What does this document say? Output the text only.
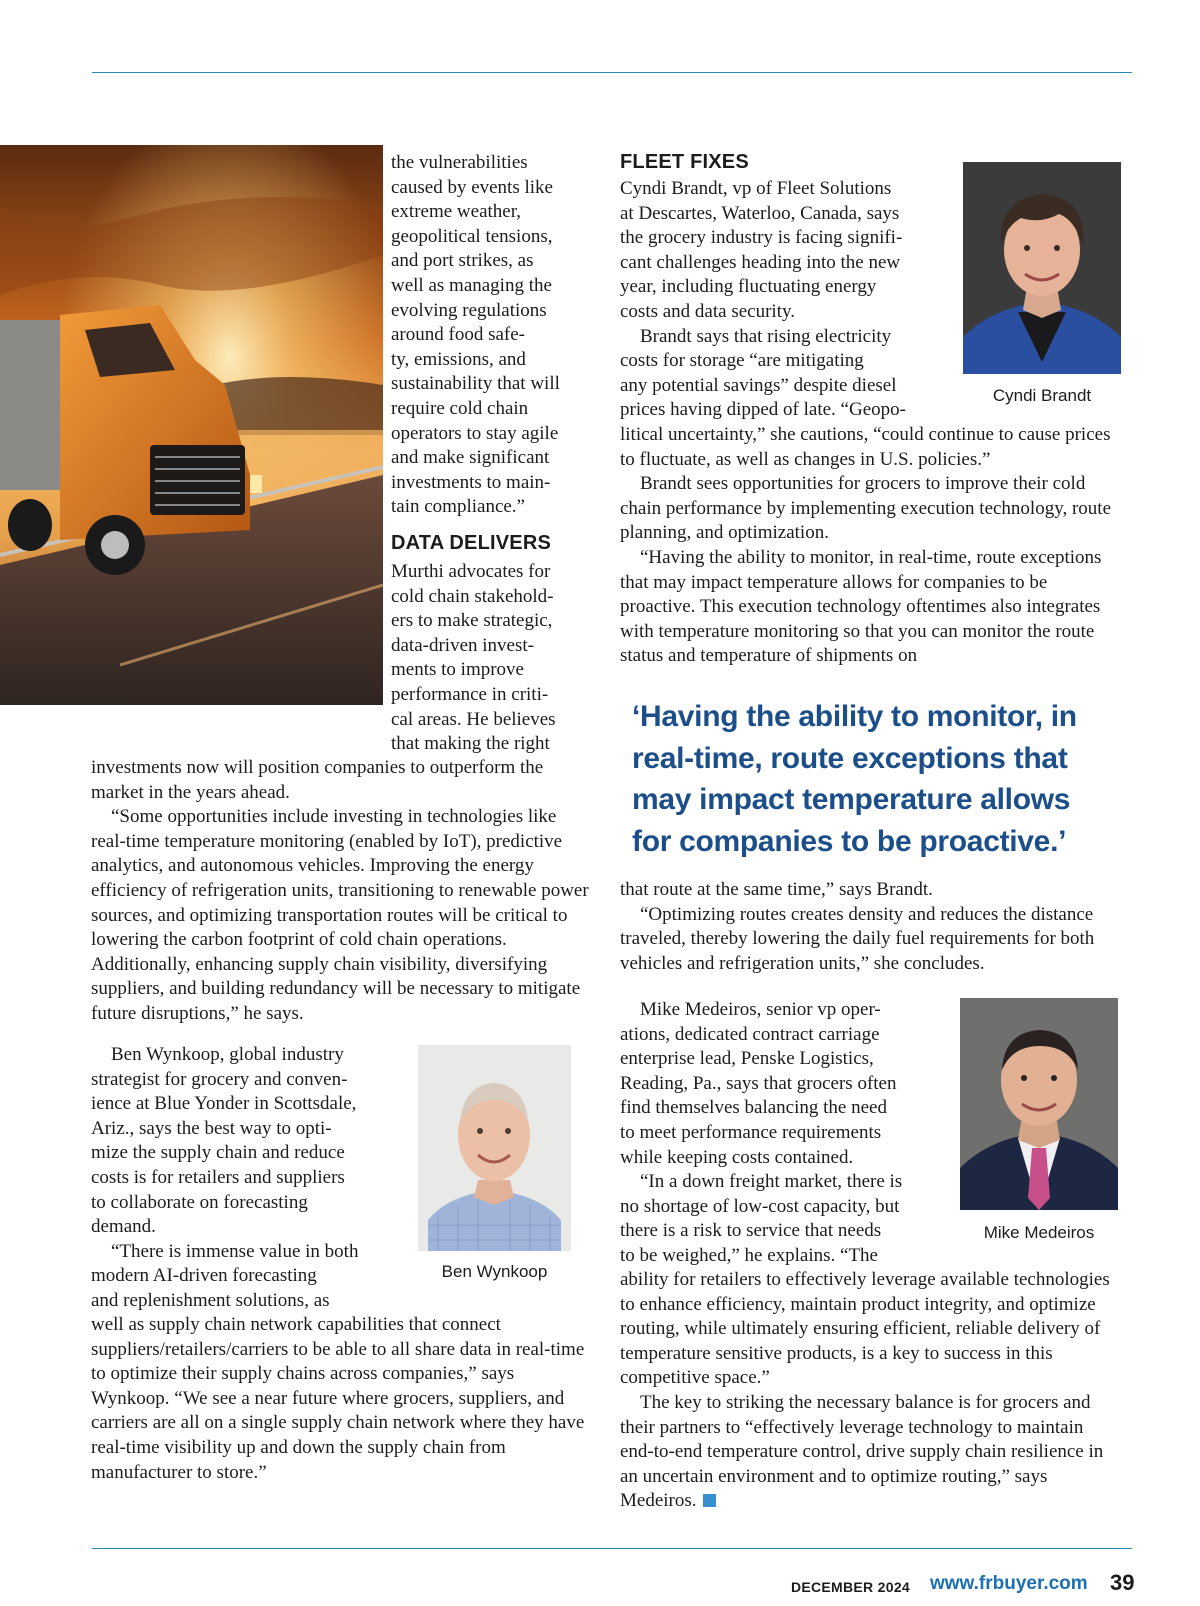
the vulnerabilities

caused by events like

extreme weather,

geopolitical tensions,

and port strikes, as

well as managing the

evolving regulations

around food safe-

ty, emissions, and

sustainability that will

require cold chain

operators to stay agile

and make significant

investments to main-

tain compliance.”

DATA DELIVERS

Murthi advocates for

cold chain stakehold-

ers to make strategic,

data-driven invest-

ments to improve

performance in criti-

cal areas. He believes

that making the right

investments now will position companies to outperform the market in the years ahead.

“Some opportunities include investing in technologies like real-time temperature monitoring (enabled by IoT), predictive analytics, and autonomous vehicles. Improving the energy efficiency of refrigeration units, transitioning to renewable power sources, and optimizing transportation routes will be critical to lowering the carbon footprint of cold chain operations. Additionally, enhancing supply chain visibility, diversifying suppliers, and building redundancy will be necessary to mitigate future disruptions,” he says.

Ben Wynkoop, global industry

strategist for grocery and conven-

ience at Blue Yonder in Scottsdale,

Ariz., says the best way to opti-

mize the supply chain and reduce

costs is for retailers and suppliers

to collaborate on forecasting

demand.

“There is immense value in both

modern AI-driven forecasting

and replenishment solutions, as

well as supply chain network capabilities that connect suppliers/retailers/carriers to be able to all share data in real-time to optimize their supply chains across companies,” says Wynkoop. “We see a near future where grocers, suppliers, and carriers are all on a single supply chain network where they have real-time visibility up and down the supply chain from manufacturer to store.”

Ben Wynkoop
FLEET FIXES

Cyndi Brandt, vp of Fleet Solutions

at Descartes, Waterloo, Canada, says

the grocery industry is facing signifi-

cant challenges heading into the new

year, including fluctuating energy

costs and data security.

Brandt says that rising electricity

costs for storage “are mitigating

any potential savings” despite diesel

prices having dipped of late. “Geopo-

litical uncertainty,” she cautions, “could continue to cause prices to fluctuate, as well as changes in U.S. policies.”

Brandt sees opportunities for grocers to improve their cold chain performance by implementing execution technology, route planning, and optimization.

“Having the ability to monitor, in real-time, route exceptions that may impact temperature allows for companies to be proactive. This execution technology oftentimes also integrates with temperature monitoring so that you can monitor the route status and temperature of shipments on

Cyndi Brandt

‘Having the ability to monitor, in
real-time, route exceptions that
may impact temperature allows
for companies to be proactive.’

that route at the same time,” says Brandt.

“Optimizing routes creates density and reduces the distance traveled, thereby lowering the daily fuel requirements for both vehicles and refrigeration units,” she concludes.

Mike Medeiros, senior vp oper-

ations, dedicated contract carriage

enterprise lead, Penske Logistics,

Reading, Pa., says that grocers often

find themselves balancing the need

to meet performance requirements

while keeping costs contained.

“In a down freight market, there is

no shortage of low-cost capacity, but

there is a risk to service that needs

to be weighed,” he explains. “The

ability for retailers to effectively leverage available technologies to enhance efficiency, maintain product integrity, and optimize routing, while ultimately ensuring efficient, reliable delivery of temperature sensitive products, is a key to success in this competitive space.”

The key to striking the necessary balance is for grocers and their partners to “effectively leverage technology to maintain end-to-end temperature control, drive supply chain resilience in an uncertain environment and to optimize routing,” says Medeiros.

Mike Medeiros
DECEMBER 2024 www.frbuyer.com 39
